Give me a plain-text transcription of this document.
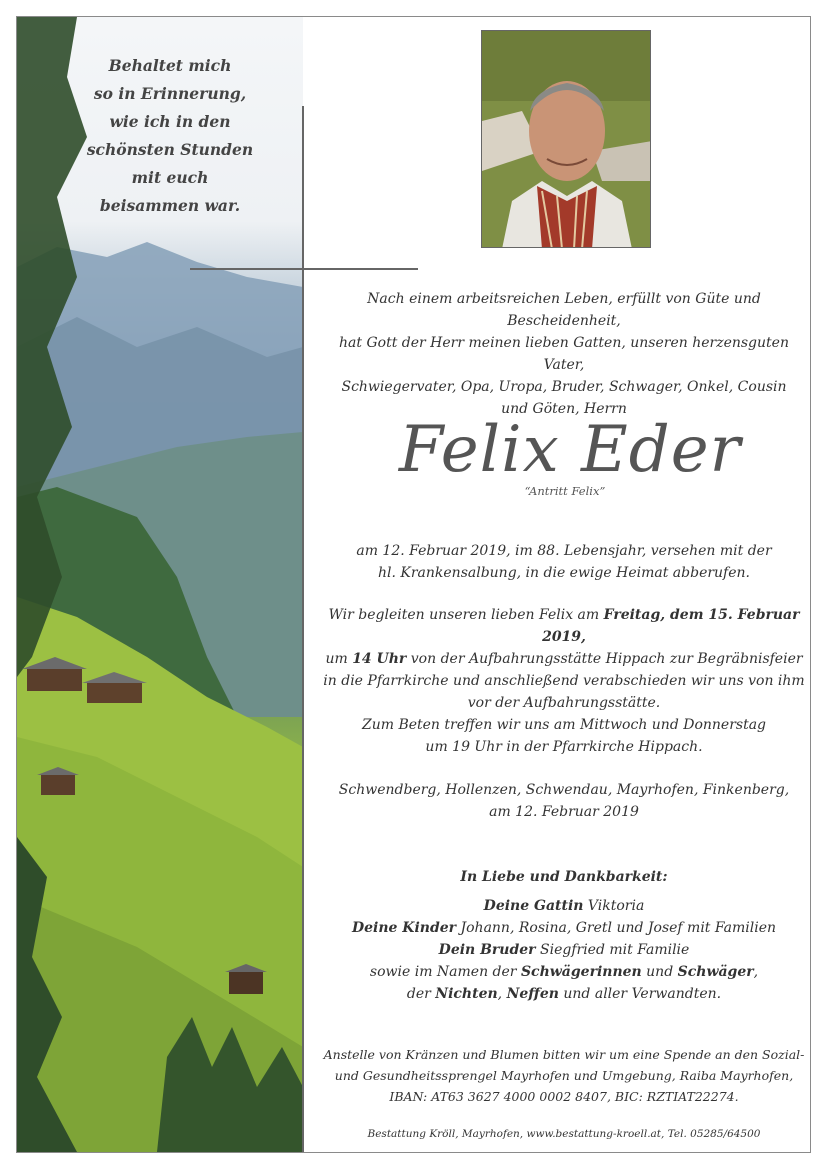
Behaltet mich
so in Erinnerung,
wie ich in den
schönsten Stunden
mit euch
beisammen war.

Nach einem arbeitsreichen Leben, erfüllt von Güte und Bescheidenheit,

hat Gott der Herr meinen lieben Gatten, unseren herzensguten Vater,

Schwiegervater, Opa, Uropa, Bruder, Schwager, Onkel, Cousin

und Göten, Herrn

Felix Eder
“Antritt Felix”

am 12. Februar 2019, im 88. Lebensjahr, versehen mit der

hl. Krankensalbung, in die ewige Heimat abberufen.

Wir begleiten unseren lieben Felix am Freitag, dem 15. Februar 2019,

um 14 Uhr von der Aufbahrungsstätte Hippach zur Begräbnisfeier

in die Pfarrkirche und anschließend verabschieden wir uns von ihm

vor der Aufbahrungsstätte.

Zum Beten treffen wir uns am Mittwoch und Donnerstag

um 19 Uhr in der Pfarrkirche Hippach.

Schwendberg, Hollenzen, Schwendau, Mayrhofen, Finkenberg,

am 12. Februar 2019

In Liebe und Dankbarkeit:

Deine Gattin Viktoria

Deine Kinder Johann, Rosina, Gretl und Josef mit Familien

Dein Bruder Siegfried mit Familie

sowie im Namen der Schwägerinnen und Schwäger,

der Nichten, Neffen und aller Verwandten.

Anstelle von Kränzen und Blumen bitten wir um eine Spende an den Sozial-

und Gesundheitssprengel Mayrhofen und Umgebung, Raiba Mayrhofen,

IBAN: AT63 3627 4000 0002 8407, BIC: RZTIAT22274.

Bestattung Kröll, Mayrhofen, www.bestattung-kroell.at, Tel. 05285/64500
